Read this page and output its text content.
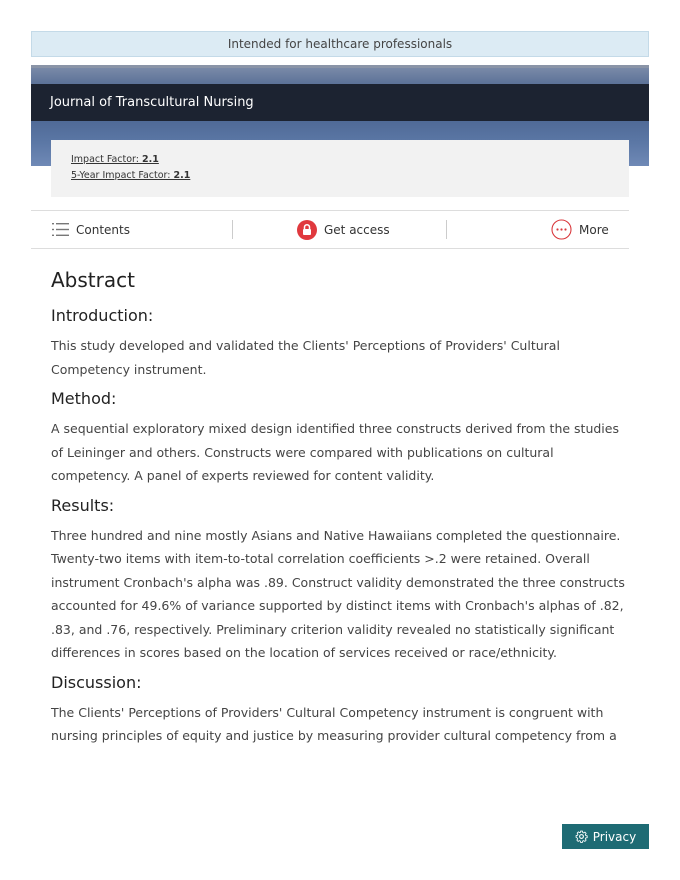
Intended for healthcare professionals
Journal of Transcultural Nursing
Impact Factor: 2.1
5-Year Impact Factor: 2.1
Contents	Get access	More
Abstract
Introduction:

This study developed and validated the Clients' Perceptions of Providers' Cultural Competency instrument.

Method:

A sequential exploratory mixed design identified three constructs derived from the studies of Leininger and others. Constructs were compared with publications on cultural competency. A panel of experts reviewed for content validity.

Results:

Three hundred and nine mostly Asians and Native Hawaiians completed the questionnaire. Twenty-two items with item-to-total correlation coefficients >.2 were retained. Overall instrument Cronbach's alpha was .89. Construct validity demonstrated the three constructs accounted for 49.6% of variance supported by distinct items with Cronbach's alphas of .82, .83, and .76, respectively. Preliminary criterion validity revealed no statistically significant differences in scores based on the location of services received or race/ethnicity.

Discussion:

The Clients' Perceptions of Providers' Cultural Competency instrument is congruent with nursing principles of equity and justice by measuring provider cultural competency from a

Privacy
